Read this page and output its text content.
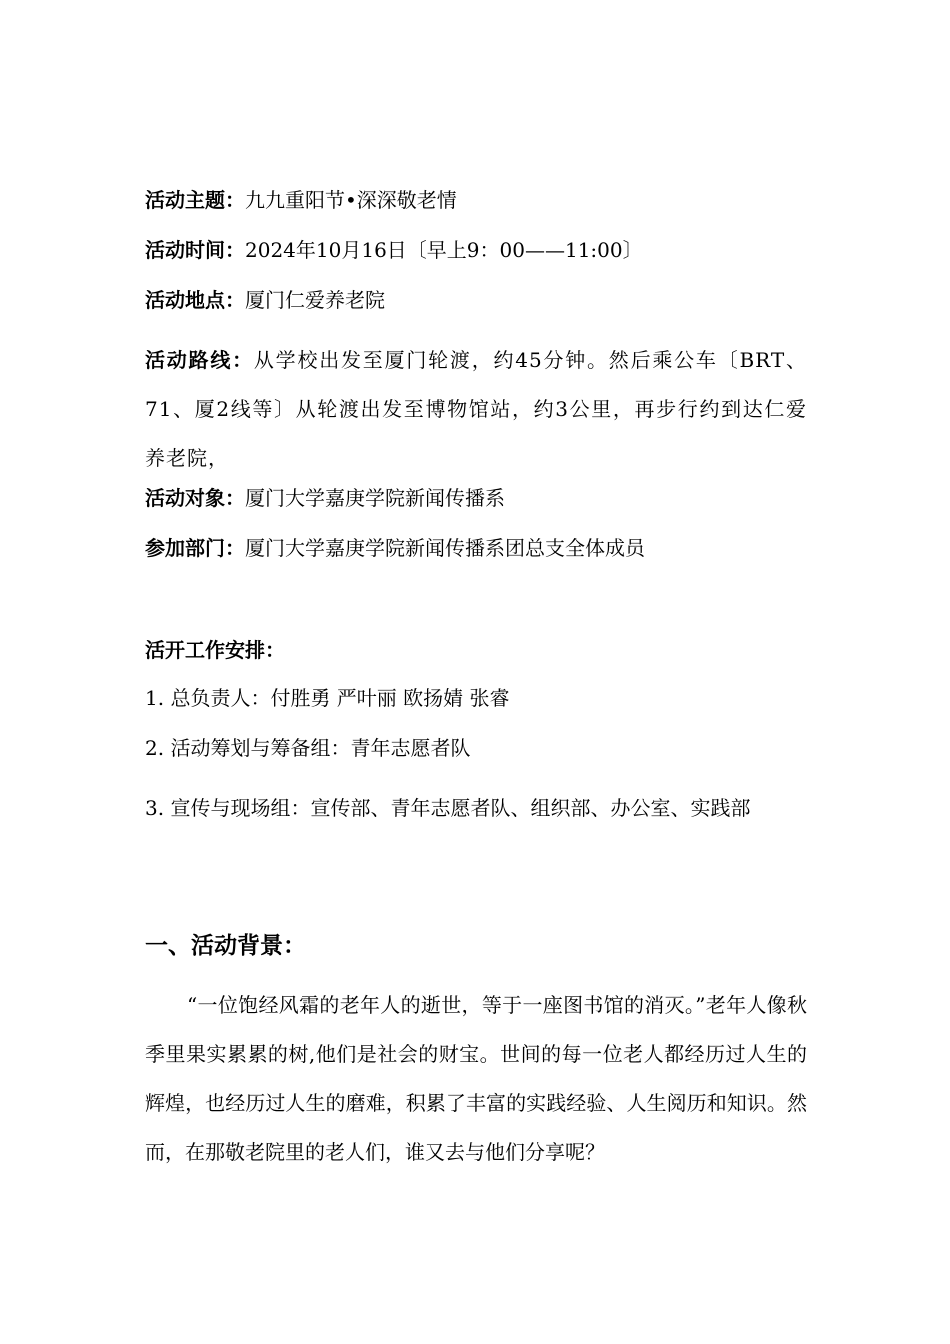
活动主题：九九重阳节•深深敬老情
活动时间：2024年10月16日〔早上9：00——11:00〕
活动地点：厦门仁爱养老院
活动路线：从学校出发至厦门轮渡，约45分钟。然后乘公车〔BRT、71、厦2线等〕从轮渡出发至博物馆站，约3公里，再步行约到达仁爱养老院，
活动对象：厦门大学嘉庚学院新闻传播系
参加部门：厦门大学嘉庚学院新闻传播系团总支全体成员
活开工作安排：
1. 总负责人：付胜勇 严叶丽 欧扬婧 张睿
2. 活动筹划与筹备组：青年志愿者队
3. 宣传与现场组：宣传部、青年志愿者队、组织部、办公室、实践部
一、活动背景：
“一位饱经风霜的老年人的逝世，等于一座图书馆的消灭。”老年人像秋季里果实累累的树,他们是社会的财宝。世间的每一位老人都经历过人生的辉煌，也经历过人生的磨难，积累了丰富的实践经验、人生阅历和知识。然而，在那敬老院里的老人们，谁又去与他们分享呢？
